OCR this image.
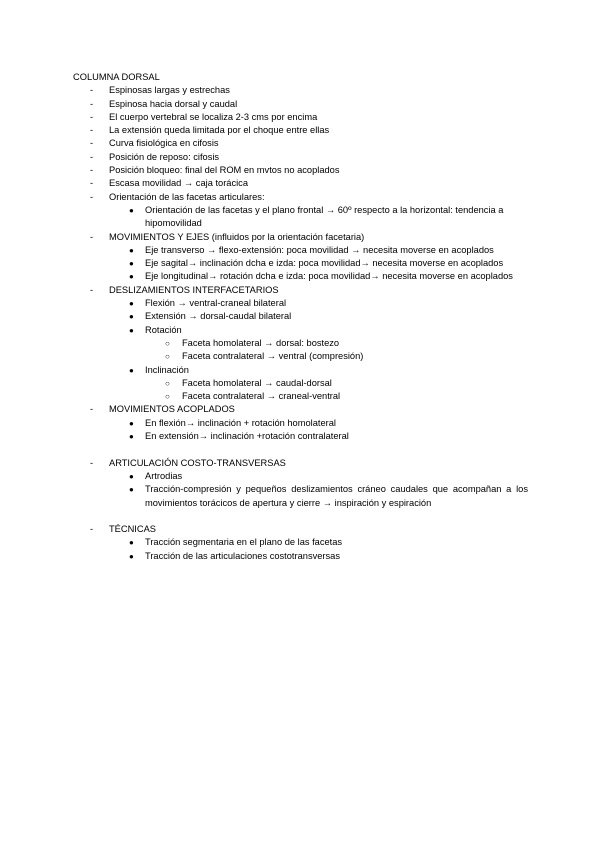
COLUMNA DORSAL
- Espinosas largas y estrechas
- Espinosa hacia dorsal y caudal
- El cuerpo vertebral se localiza 2-3 cms por encima
- La extensión queda limitada por el choque entre ellas
- Curva fisiológica en cifosis
- Posición de reposo: cifosis
- Posición bloqueo: final del ROM en mvtos no acoplados
- Escasa movilidad → caja torácica
- Orientación de las facetas articulares:
● Orientación de las facetas y el plano frontal → 60º respecto a la horizontal: tendencia a hipomovilidad
- MOVIMIENTOS Y EJES (influidos por la orientación facetaria)
● Eje transverso → flexo-extensión: poca movilidad → necesita moverse en acoplados
● Eje sagital→ inclinación dcha e izda: poca movilidad→ necesita moverse en acoplados
● Eje longitudinal→ rotación dcha e izda: poca movilidad→ necesita moverse en acoplados
- DESLIZAMIENTOS INTERFACETARIOS
● Flexión → ventral-craneal bilateral
● Extensión → dorsal-caudal bilateral
● Rotación
○ Faceta homolateral → dorsal: bostezo
○ Faceta contralateral → ventral (compresión)
● Inclinación
○ Faceta homolateral → caudal-dorsal
○ Faceta contralateral → craneal-ventral
- MOVIMIENTOS ACOPLADOS
● En flexión→ inclinación + rotación homolateral
● En extensión→ inclinación +rotación contralateral
- ARTICULACIÓN COSTO-TRANSVERSAS
● Artrodias
● Tracción-compresión y pequeños deslizamientos cráneo caudales que acompañan a los movimientos torácicos de apertura y cierre → inspiración y espiración
- TÉCNICAS
● Tracción segmentaria en el plano de las facetas
● Tracción de las articulaciones costotransversas
